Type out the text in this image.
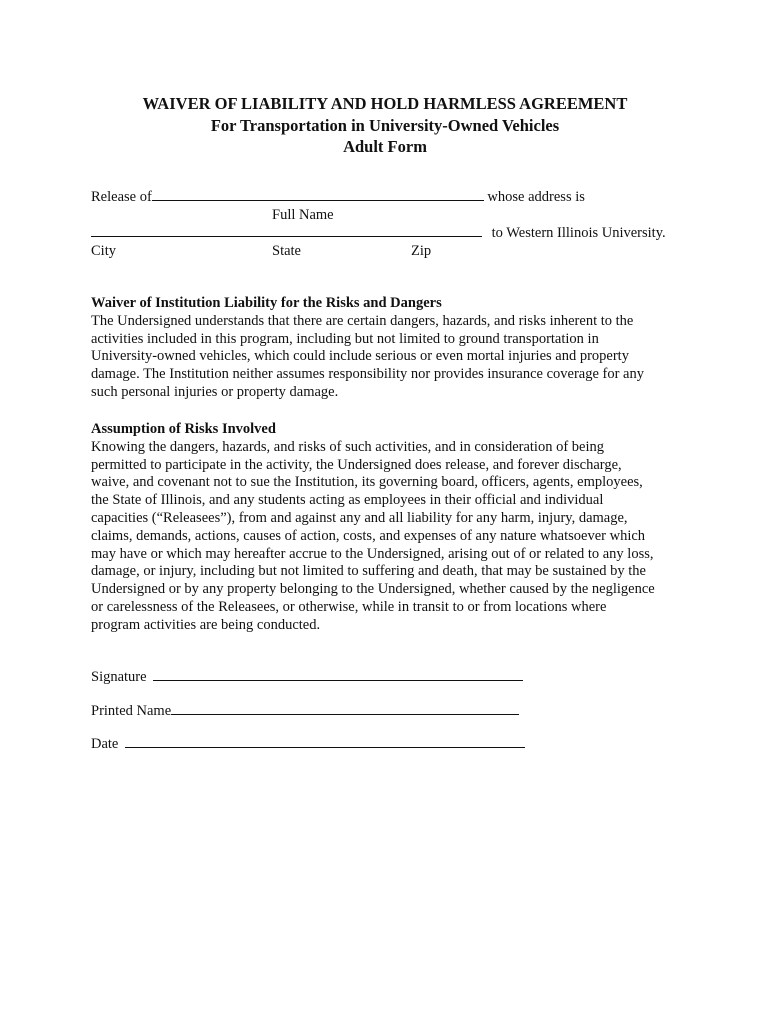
WAIVER OF LIABILITY AND HOLD HARMLESS AGREEMENT
For Transportation in University-Owned Vehicles
Adult Form
Release of	whose address is
Full Name
to Western Illinois University.
City	State	Zip
Waiver of Institution Liability for the Risks and Dangers

The Undersigned understands that there are certain dangers, hazards, and risks inherent to the
activities included in this program, including but not limited to ground transportation in
University-owned vehicles, which could include serious or even mortal injuries and property
damage. The Institution neither assumes responsibility nor provides insurance coverage for any
such personal injuries or property damage.

Assumption of Risks Involved

Knowing the dangers, hazards, and risks of such activities, and in consideration of being
permitted to participate in the activity, the Undersigned does release, and forever discharge,
waive, and covenant not to sue the Institution, its governing board, officers, agents, employees,
the State of Illinois, and any students acting as employees in their official and individual
capacities (“Releasees”), from and against any and all liability for any harm, injury, damage,
claims, demands, actions, causes of action, costs, and expenses of any nature whatsoever which
may have or which may hereafter accrue to the Undersigned, arising out of or related to any loss,
damage, or injury, including but not limited to suffering and death, that may be sustained by the
Undersigned or by any property belonging to the Undersigned, whether caused by the negligence
or carelessness of the Releasees, or otherwise, while in transit to or from locations where
program activities are being conducted.

Signature
Printed Name
Date
